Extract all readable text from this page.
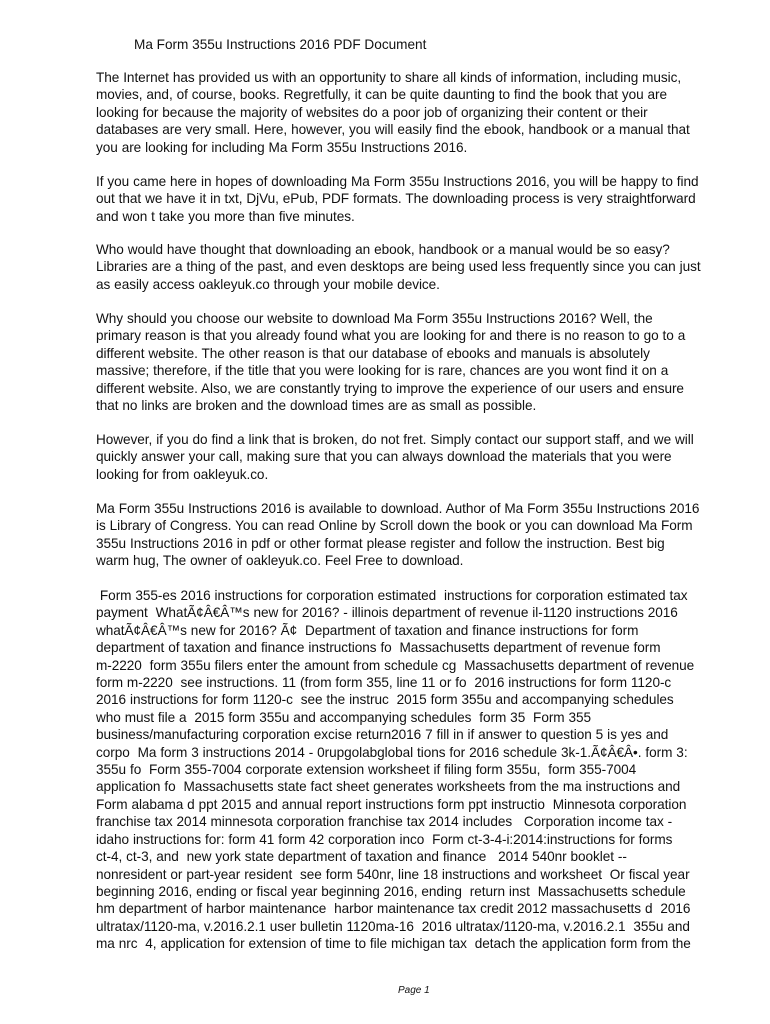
Ma Form 355u Instructions 2016 PDF Document
The Internet has provided us with an opportunity to share all kinds of information, including music,
movies, and, of course, books. Regretfully, it can be quite daunting to find the book that you are
looking for because the majority of websites do a poor job of organizing their content or their
databases are very small. Here, however, you will easily find the ebook, handbook or a manual that
you are looking for including Ma Form 355u Instructions 2016.
If you came here in hopes of downloading Ma Form 355u Instructions 2016, you will be happy to find
out that we have it in txt, DjVu, ePub, PDF formats. The downloading process is very straightforward
and won t take you more than five minutes.
Who would have thought that downloading an ebook, handbook or a manual would be so easy?
Libraries are a thing of the past, and even desktops are being used less frequently since you can just
as easily access oakleyuk.co through your mobile device.
Why should you choose our website to download Ma Form 355u Instructions 2016? Well, the
primary reason is that you already found what you are looking for and there is no reason to go to a
different website. The other reason is that our database of ebooks and manuals is absolutely
massive; therefore, if the title that you were looking for is rare, chances are you wont find it on a
different website. Also, we are constantly trying to improve the experience of our users and ensure
that no links are broken and the download times are as small as possible.
However, if you do find a link that is broken, do not fret. Simply contact our support staff, and we will
quickly answer your call, making sure that you can always download the materials that you were
looking for from oakleyuk.co.
Ma Form 355u Instructions 2016 is available to download. Author of Ma Form 355u Instructions 2016
is Library of Congress. You can read Online by Scroll down the book or you can download Ma Form
355u Instructions 2016 in pdf or other format please register and follow the instruction. Best big
warm hug, The owner of oakleyuk.co. Feel Free to download.
Form 355-es 2016 instructions for corporation estimated  instructions for corporation estimated tax
payment  WhatÃ¢Â€Â™s new for 2016? - illinois department of revenue il-1120 instructions 2016
whatÃ¢Â€Â™s new for 2016? Ã¢  Department of taxation and finance instructions for form
department of taxation and finance instructions fo  Massachusetts department of revenue form
m-2220  form 355u filers enter the amount from schedule cg  Massachusetts department of revenue
form m-2220  see instructions. 11 (from form 355, line 11 or fo  2016 instructions for form 1120-c
2016 instructions for form 1120-c  see the instruc  2015 form 355u and accompanying schedules
who must file a  2015 form 355u and accompanying schedules  form 35  Form 355
business/manufacturing corporation excise return2016 7 fill in if answer to question 5 is yes and
corpo  Ma form 3 instructions 2014 - 0rupgolabglobal tions for 2016 schedule 3k-1.Ã¢Â€Â•. form 3:
355u fo  Form 355-7004 corporate extension worksheet if filing form 355u,  form 355-7004
application fo  Massachusetts state fact sheet generates worksheets from the ma instructions and
Form alabama d ppt 2015 and annual report instructions form ppt instructio  Minnesota corporation
franchise tax 2014 minnesota corporation franchise tax 2014 includes   Corporation income tax -
idaho instructions for: form 41 form 42 corporation inco  Form ct-3-4-i:2014:instructions for forms
ct-4, ct-3, and  new york state department of taxation and finance   2014 540nr booklet --
nonresident or part-year resident  see form 540nr, line 18 instructions and worksheet  Or fiscal year
beginning 2016, ending or fiscal year beginning 2016, ending  return inst  Massachusetts schedule
hm department of harbor maintenance  harbor maintenance tax credit 2012 massachusetts d  2016
ultratax/1120-ma, v.2016.2.1 user bulletin 1120ma-16  2016 ultratax/1120-ma, v.2016.2.1  355u and
ma nrc  4, application for extension of time to file michigan tax  detach the application form from the
Page 1
